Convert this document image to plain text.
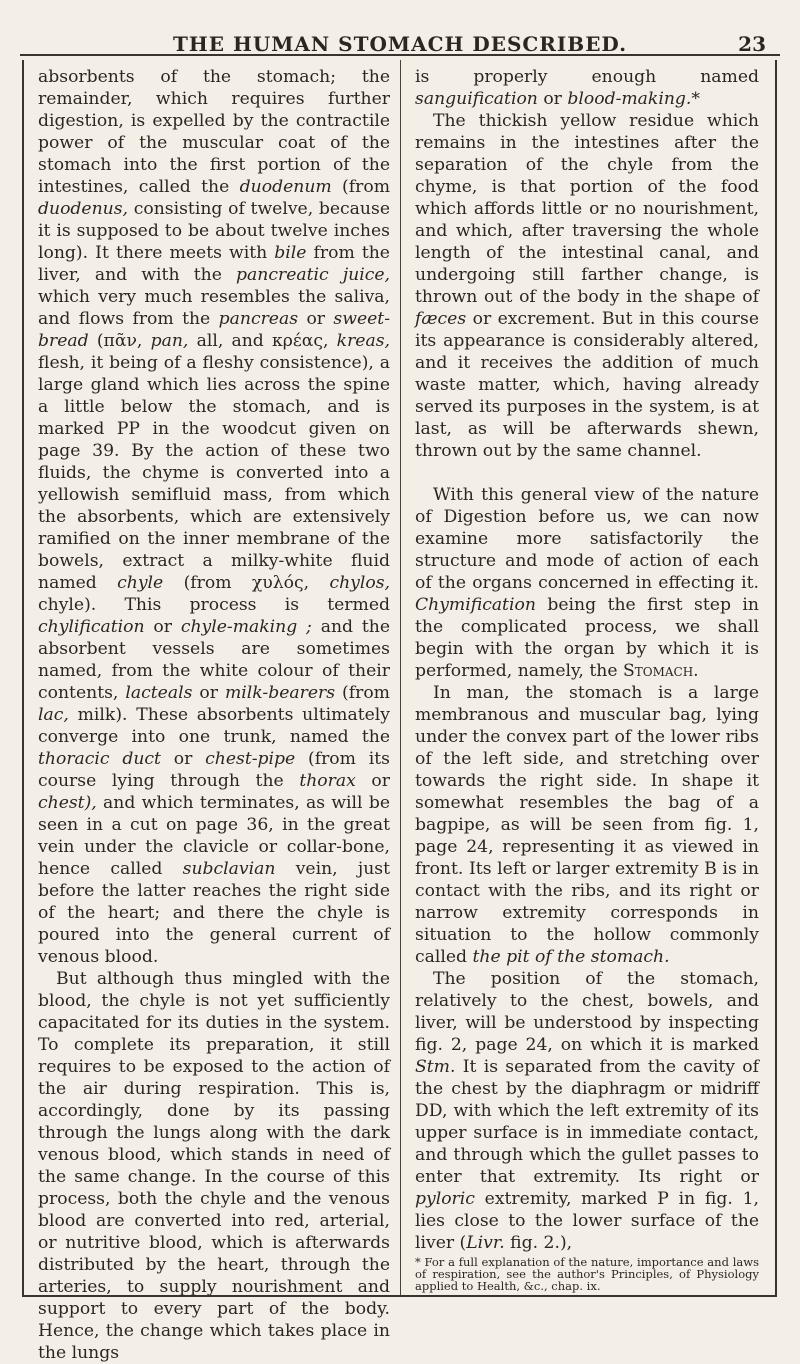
THE HUMAN STOMACH DESCRIBED.	23

absorbents of the stomach; the remainder, which requires further digestion, is expelled by the contractile power of the muscular coat of the stomach into the first portion of the intestines, called the duodenum (from duodenus, consisting of twelve, because it is supposed to be about twelve inches long). It there meets with bile from the liver, and with the pancreatic juice, which very much resembles the saliva, and flows from the pancreas or sweet-bread (πᾶν, pan, all, and κρέας, kreas, flesh, it being of a fleshy consistence), a large gland which lies across the spine a little below the stomach, and is marked PP in the woodcut given on page 39. By the action of these two fluids, the chyme is converted into a yellowish semifluid mass, from which the absorbents, which are extensively ramified on the inner membrane of the bowels, extract a milky-white fluid named chyle (from χυλός, chylos, chyle). This process is termed chylification or chyle-making ; and the absorbent vessels are sometimes named, from the white colour of their contents, lacteals or milk-bearers (from lac, milk). These absorbents ultimately converge into one trunk, named the thoracic duct or chest-pipe (from its course lying through the thorax or chest), and which terminates, as will be seen in a cut on page 36, in the great vein under the clavicle or collar-bone, hence called subclavian vein, just before the latter reaches the right side of the heart; and there the chyle is poured into the general current of venous blood.

But although thus mingled with the blood, the chyle is not yet sufficiently capacitated for its duties in the system. To complete its preparation, it still requires to be exposed to the action of the air during respiration. This is, accordingly, done by its passing through the lungs along with the dark venous blood, which stands in need of the same change. In the course of this process, both the chyle and the venous blood are converted into red, arterial, or nutritive blood, which is afterwards distributed by the heart, through the arteries, to supply nourishment and support to every part of the body. Hence, the change which takes place in the lungs

is properly enough named sanguification or blood-making.*

The thickish yellow residue which remains in the intestines after the separation of the chyle from the chyme, is that portion of the food which affords little or no nourishment, and which, after traversing the whole length of the intestinal canal, and undergoing still farther change, is thrown out of the body in the shape of fæces or excrement. But in this course its appearance is considerably altered, and it receives the addition of much waste matter, which, having already served its purposes in the system, is at last, as will be afterwards shewn, thrown out by the same channel.

With this general view of the nature of Digestion before us, we can now examine more satisfactorily the structure and mode of action of each of the organs concerned in effecting it. Chymification being the first step in the complicated process, we shall begin with the organ by which it is performed, namely, the Stomach.

In man, the stomach is a large membranous and muscular bag, lying under the convex part of the lower ribs of the left side, and stretching over towards the right side. In shape it somewhat resembles the bag of a bagpipe, as will be seen from fig. 1, page 24, representing it as viewed in front. Its left or larger extremity B is in contact with the ribs, and its right or narrow extremity corresponds in situation to the hollow commonly called the pit of the stomach.

The position of the stomach, relatively to the chest, bowels, and liver, will be understood by inspecting fig. 2, page 24, on which it is marked Stm. It is separated from the cavity of the chest by the diaphragm or midriff DD, with which the left extremity of its upper surface is in immediate contact, and through which the gullet passes to enter that extremity. Its right or pyloric extremity, marked P in fig. 1, lies close to the lower surface of the liver (Livr. fig. 2.),

* For a full explanation of the nature, importance and laws of respiration, see the author's Principles, of Physiology applied to Health, &c., chap. ix.
